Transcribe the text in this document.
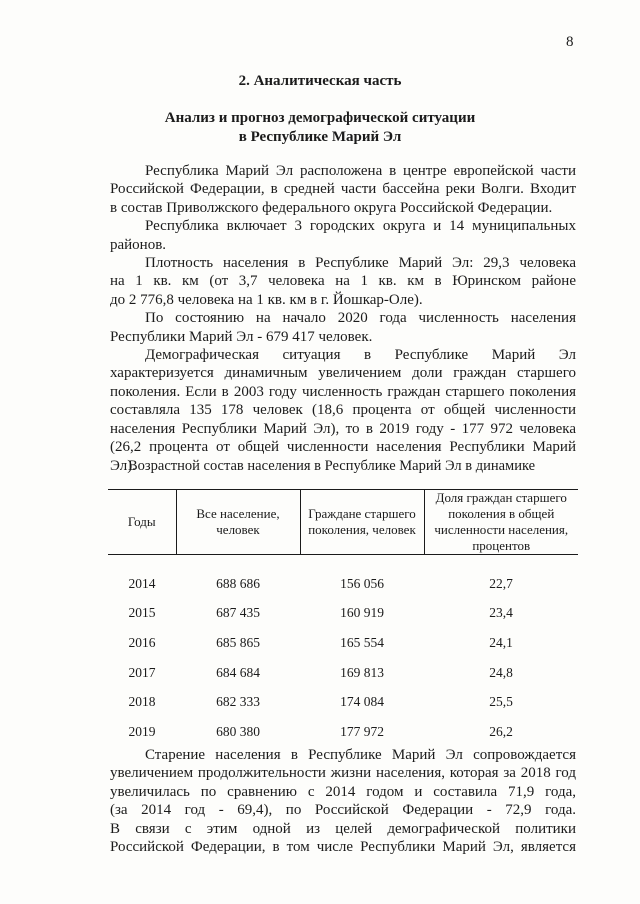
8
2. Аналитическая часть
Анализ и прогноз демографической ситуации
в Республике Марий Эл

Республика Марий Эл расположена в центре европейской части

Российской Федерации, в средней части бассейна реки Волги. Входит

в состав Приволжского федерального округа Российской Федерации.

Республика включает 3 городских округа и 14 муниципальных

районов.

Плотность населения в Республике Марий Эл: 29,3 человека

на 1 кв. км (от 3,7 человека на 1 кв. км в Юринском районе

до 2 776,8 человека на 1 кв. км в г. Йошкар-Оле).

По состоянию на начало 2020 года численность населения

Республики Марий Эл - 679 417 человек.

Демографическая ситуация в Республике Марий Эл

характеризуется динамичным увеличением доли граждан старшего

поколения. Если в 2003 году численность граждан старшего поколения

составляла 135 178 человек (18,6 процента от общей численности

населения Республики Марий Эл), то в 2019 году - 177 972 человека

(26,2 процента от общей численности населения Республики Марий Эл).

Возрастной состав населения в Республике Марий Эл в динамике
Годы	Все население, человек	Граждане старшего поколения, человек	Доля граждан старшего поколения в общей численности населения, процентов
2014	688 686	156 056	22,7
2015	687 435	160 919	23,4
2016	685 865	165 554	24,1
2017	684 684	169 813	24,8
2018	682 333	174 084	25,5
2019	680 380	177 972	26,2

Старение населения в Республике Марий Эл сопровождается

увеличением продолжительности жизни населения, которая за 2018 год

увеличилась по сравнению с 2014 годом и составила 71,9 года,

(за 2014 год - 69,4), по Российской Федерации - 72,9 года.

В связи с этим одной из целей демографической политики

Российской Федерации, в том числе Республики Марий Эл, является
